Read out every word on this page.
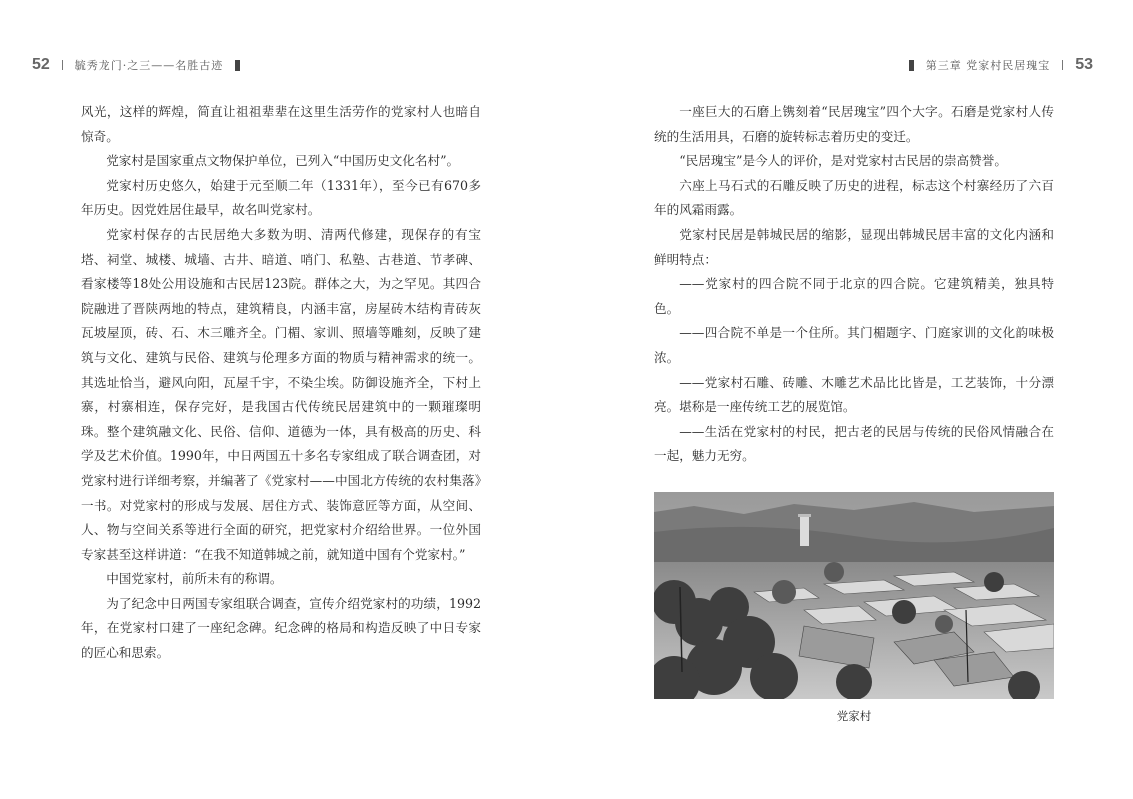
52 毓秀龙门·之三——名胜古迹

风光，这样的辉煌，简直让祖祖辈辈在这里生活劳作的党家村人也暗自惊奇。

党家村是国家重点文物保护单位，已列入“中国历史文化名村”。

党家村历史悠久，始建于元至顺二年（1331年），至今已有670多年历史。因党姓居住最早，故名叫党家村。

党家村保存的古民居绝大多数为明、清两代修建，现保存的有宝塔、祠堂、城楼、城墙、古井、暗道、哨门、私塾、古巷道、节孝碑、看家楼等18处公用设施和古民居123院。群体之大，为之罕见。其四合院融进了晋陕两地的特点，建筑精良，内涵丰富，房屋砖木结构青砖灰瓦坡屋顶，砖、石、木三雕齐全。门楣、家训、照墙等雕刻，反映了建筑与文化、建筑与民俗、建筑与伦理多方面的物质与精神需求的统一。其选址恰当，避风向阳，瓦屋千宇，不染尘埃。防御设施齐全，下村上寨，村寨相连，保存完好，是我国古代传统民居建筑中的一颗璀璨明珠。整个建筑融文化、民俗、信仰、道德为一体，具有极高的历史、科学及艺术价值。1990年，中日两国五十多名专家组成了联合调查团，对党家村进行详细考察，并编著了《党家村——中国北方传统的农村集落》一书。对党家村的形成与发展、居住方式、装饰意匠等方面，从空间、人、物与空间关系等进行全面的研究，把党家村介绍给世界。一位外国专家甚至这样讲道：“在我不知道韩城之前，就知道中国有个党家村。”

中国党家村，前所未有的称谓。

为了纪念中日两国专家组联合调查，宣传介绍党家村的功绩，1992年，在党家村口建了一座纪念碑。纪念碑的格局和构造反映了中日专家的匠心和思索。

第三章 党家村民居瑰宝 53

一座巨大的石磨上镌刻着“民居瑰宝”四个大字。石磨是党家村人传统的生活用具，石磨的旋转标志着历史的变迁。

“民居瑰宝”是今人的评价，是对党家村古民居的崇高赞誉。

六座上马石式的石雕反映了历史的进程，标志这个村寨经历了六百年的风霜雨露。

党家村民居是韩城民居的缩影，显现出韩城民居丰富的文化内涵和鲜明特点：

——党家村的四合院不同于北京的四合院。它建筑精美，独具特色。

——四合院不单是一个住所。其门楣题字、门庭家训的文化韵味极浓。

——党家村石雕、砖雕、木雕艺术品比比皆是，工艺装饰，十分漂亮。堪称是一座传统工艺的展览馆。

——生活在党家村的村民，把古老的民居与传统的民俗风情融合在一起，魅力无穷。

党家村
